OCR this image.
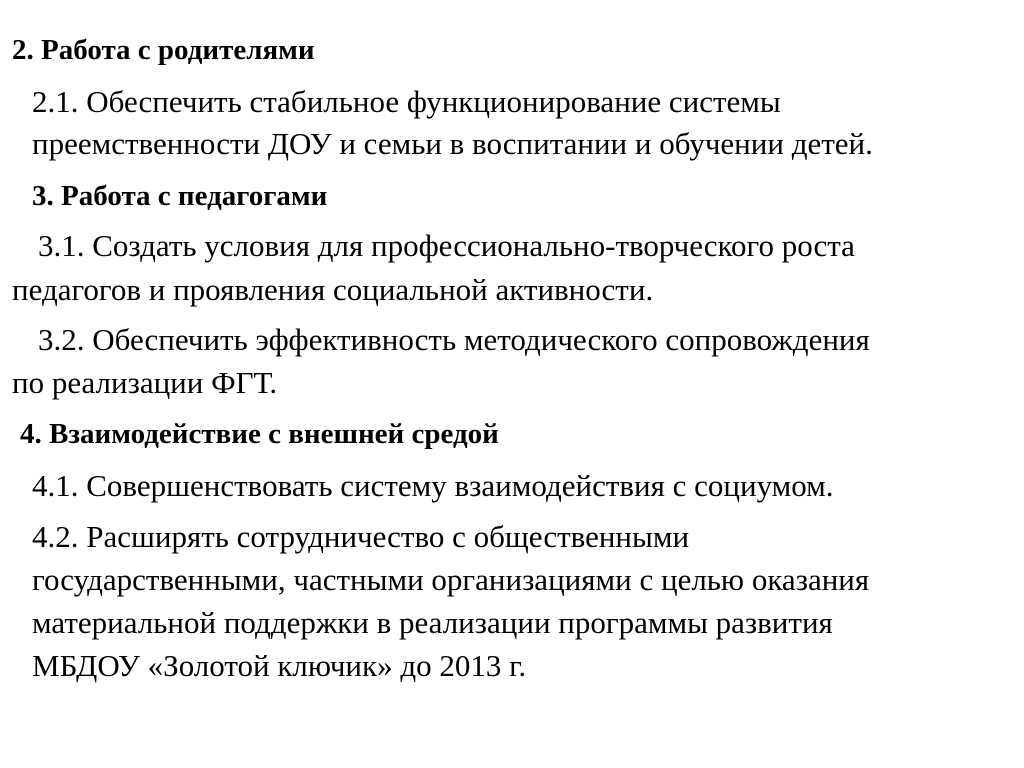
2. Работа с родителями
2.1. Обеспечить стабильное функционирование системы
преемственности ДОУ и семьи в воспитании и обучении детей.
3. Работа с педагогами
3.1. Создать условия для профессионально-творческого роста
педагогов и проявления социальной активности.
3.2. Обеспечить эффективность методического сопровождения
по реализации ФГТ.
4. Взаимодействие с внешней средой
4.1. Совершенствовать систему взаимодействия с социумом.
4.2. Расширять сотрудничество с общественными
государственными, частными организациями с целью оказания
материальной поддержки в реализации программы развития
МБДОУ «Золотой ключик» до 2013 г.
